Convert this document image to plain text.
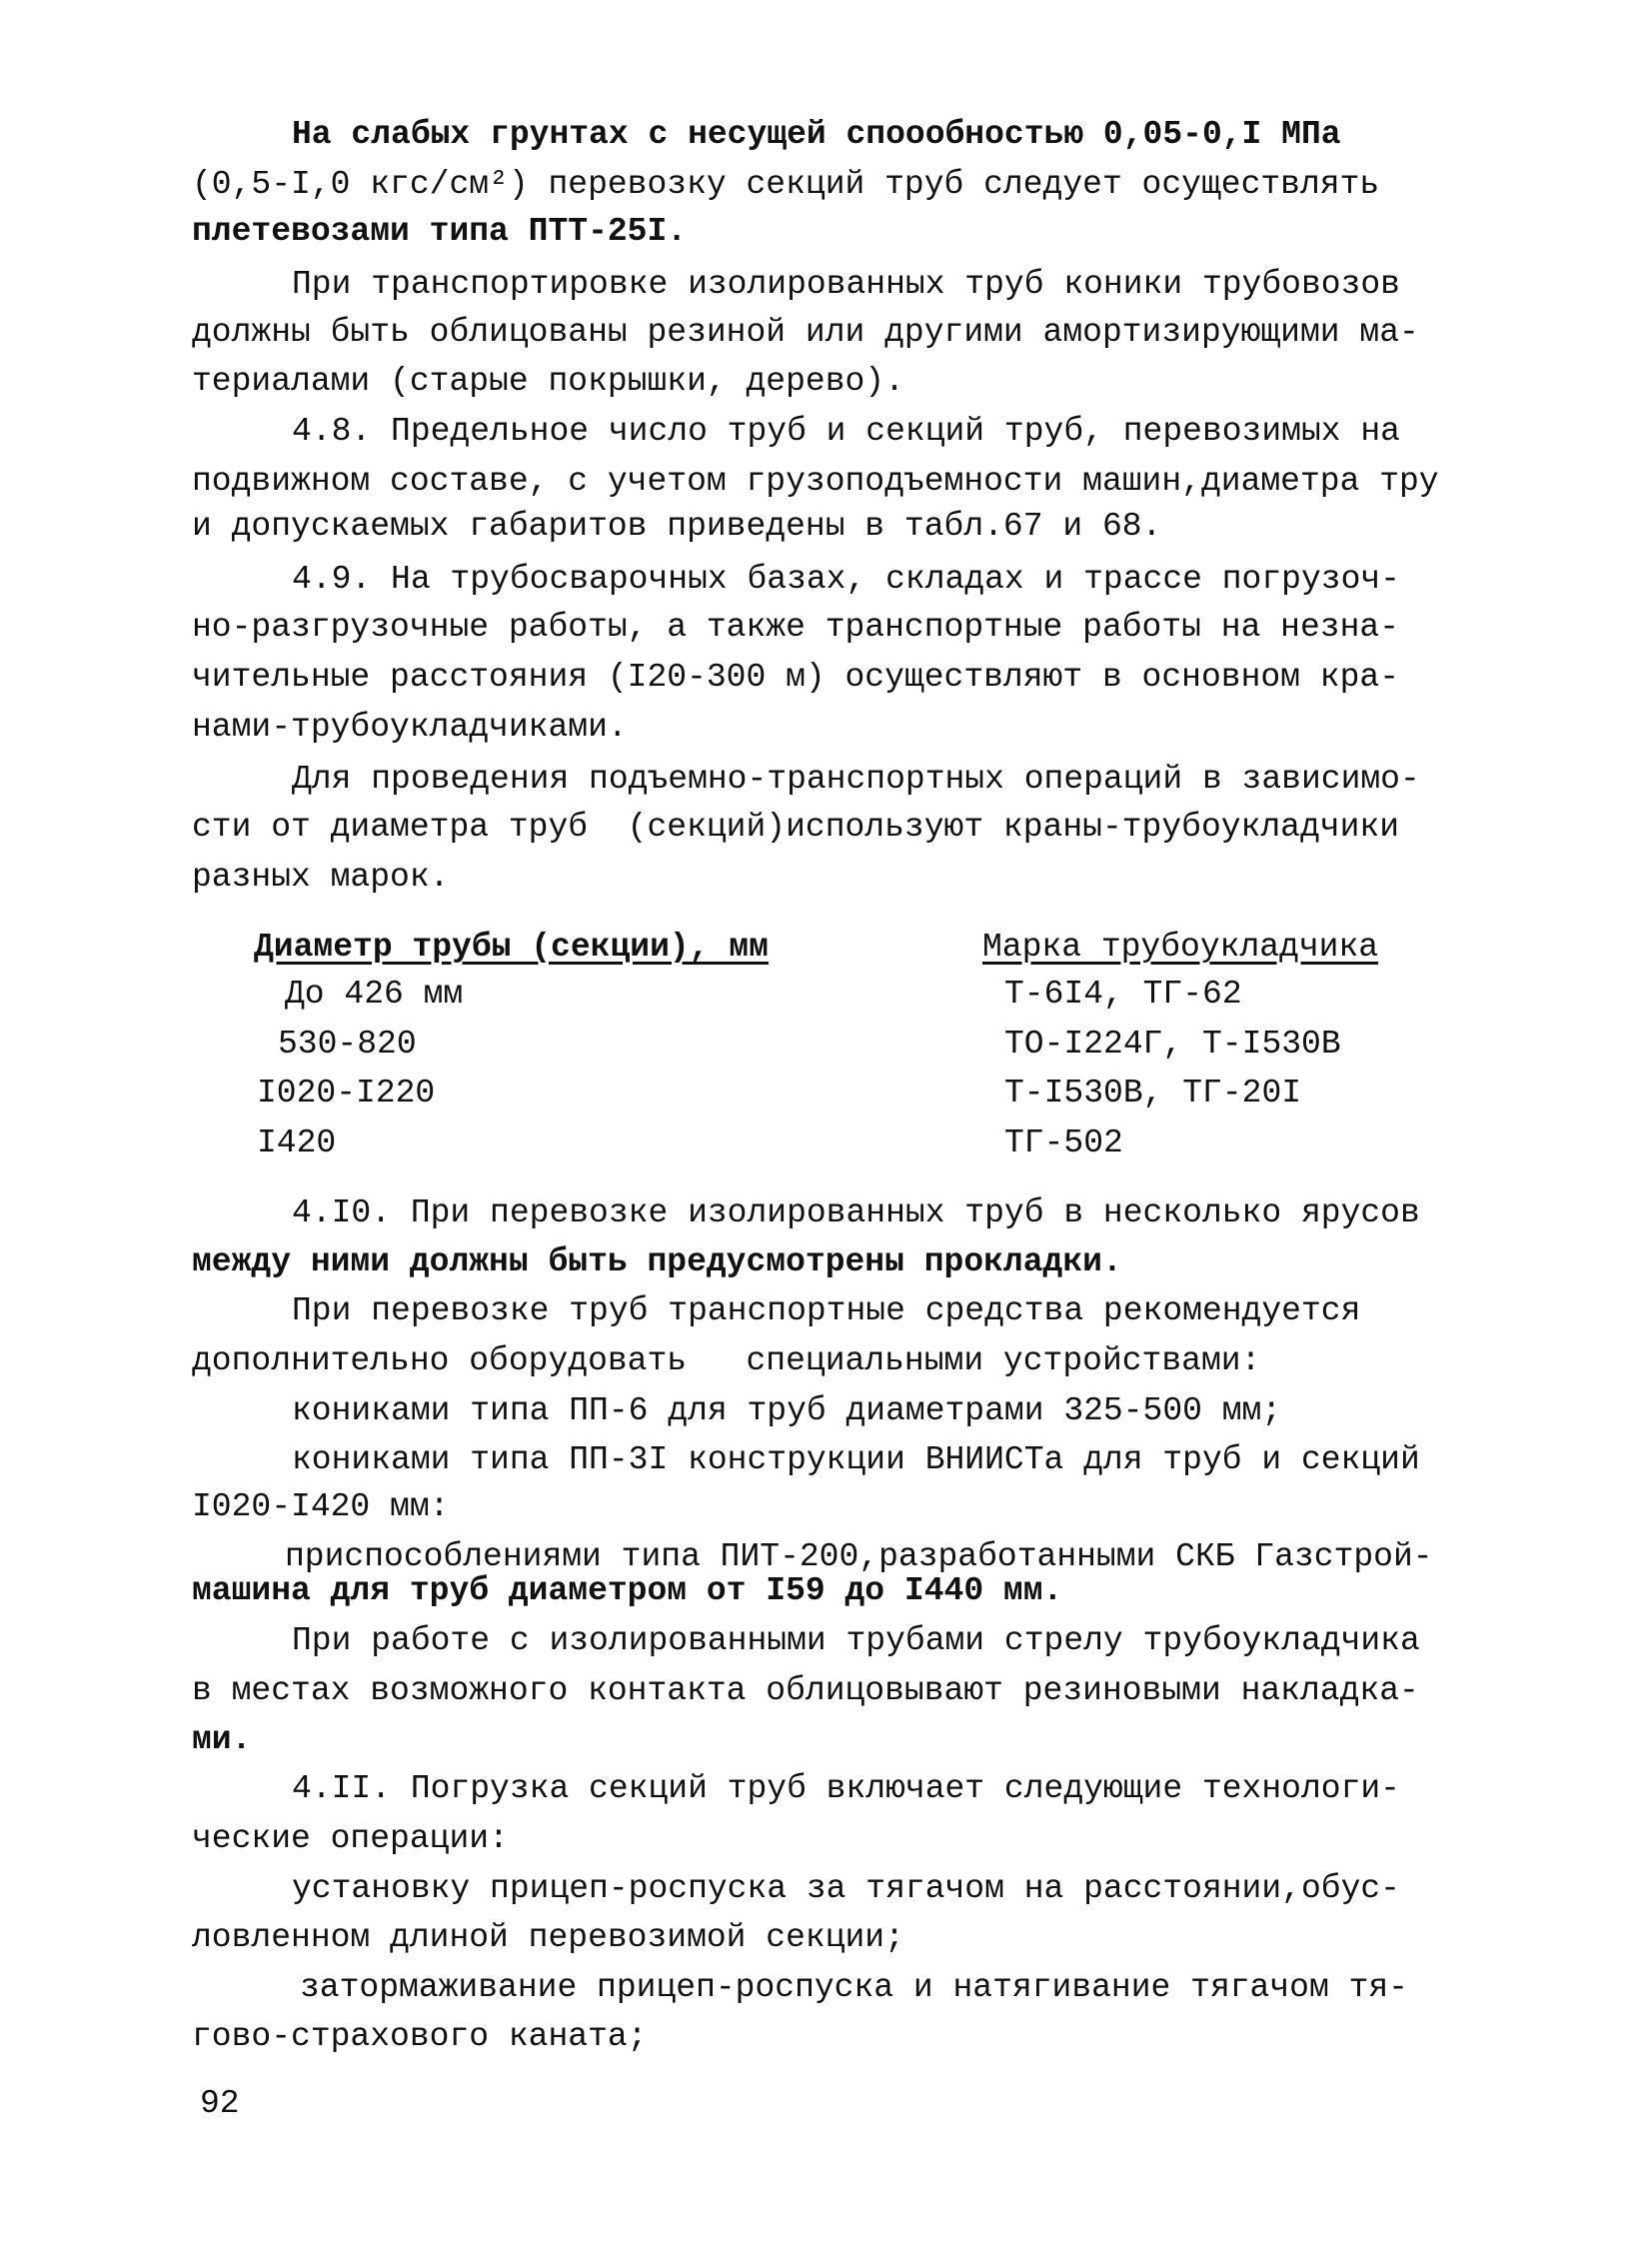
На слабых грунтах с несущей споообностью 0,05-0,I МПа
(0,5-I,0 кгс/см²) перевозку секций труб следует осуществлять
плетевозами типа ПТТ-25I.
При транспортировке изолированных труб коники трубовозов
должны быть облицованы резиной или другими амортизирующими ма-
териалами (старые покрышки, дерево).
4.8. Предельное число труб и секций труб, перевозимых на
подвижном составе, с учетом грузоподъемности машин,диаметра тру
и допускаемых габаритов приведены в табл.67 и 68.
4.9. На трубосварочных базах, складах и трассе погрузоч-
но-разгрузочные работы, а также транспортные работы на незна-
чительные расстояния (I20-300 м) осуществляют в основном кра-
нами-трубоукладчиками.
Для проведения подъемно-транспортных операций в зависимо-
сти от диаметра труб  (секций)используют краны-трубоукладчики
разных марок.
4.I0. При перевозке изолированных труб в несколько ярусов
между ними должны быть предусмотрены прокладки.
При перевозке труб транспортные средства рекомендуется
дополнительно оборудовать   специальными устройствами:
кониками типа ПП-6 для труб диаметрами 325-500 мм;
кониками типа ПП-3I конструкции ВНИИСТа для труб и секций
I020-I420 мм:
приспособлениями типа ПИТ-200,разработанными СКБ Газстрой-
машина для труб диаметром от I59 до I440 мм.
При работе с изолированными трубами стрелу трубоукладчика
в местах возможного контакта облицовывают резиновыми накладка-
ми.
4.II. Погрузка секций труб включает следующие технологи-
ческие операции:
установку прицеп-роспуска за тягачом на расстоянии,обус-
ловленном длиной перевозимой секции;
затормаживание прицеп-роспуска и натягивание тягачом тя-
гово-страхового каната;
Диаметр трубы (секции), мм	Марка трубоукладчика
До 426 мм	Т-6I4, ТГ-62
530-820	ТО-I224Г, Т-I530В
I020-I220	Т-I530В, ТГ-20I
I420	ТГ-502
92
